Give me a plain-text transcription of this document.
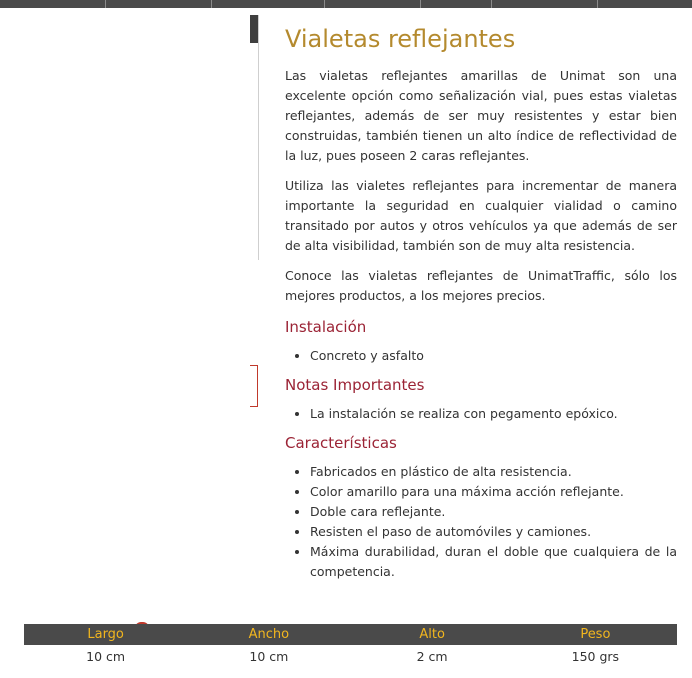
Vialetas reflejantes

Las vialetas reflejantes amarillas de Unimat son una excelente opción como señalización vial, pues estas vialetas reflejantes, además de ser muy resistentes y estar bien construidas, también tienen un alto índice de reflectividad de la luz, pues poseen 2 caras reflejantes.

Utiliza las vialetes reflejantes para incrementar de manera importante la seguridad en cualquier vialidad o camino transitado por autos y otros vehículos ya que además de ser de alta visibilidad, también son de muy alta resistencia.

Conoce las vialetas reflejantes de UnimatTraffic, sólo los mejores productos, a los mejores precios.

Instalación
• Concreto y asfalto
Notas Importantes
• La instalación se realiza con pegamento epóxico.
Características
• Fabricados en plástico de alta resistencia.
• Color amarillo para una máxima acción reflejante.
• Doble cara reflejante.
• Resisten el paso de automóviles y camiones.
• Máxima durabilidad, duran el doble que cualquiera de la competencia.
Largo	Ancho	Alto	Peso
10 cm	10 cm	2 cm	150 grs
